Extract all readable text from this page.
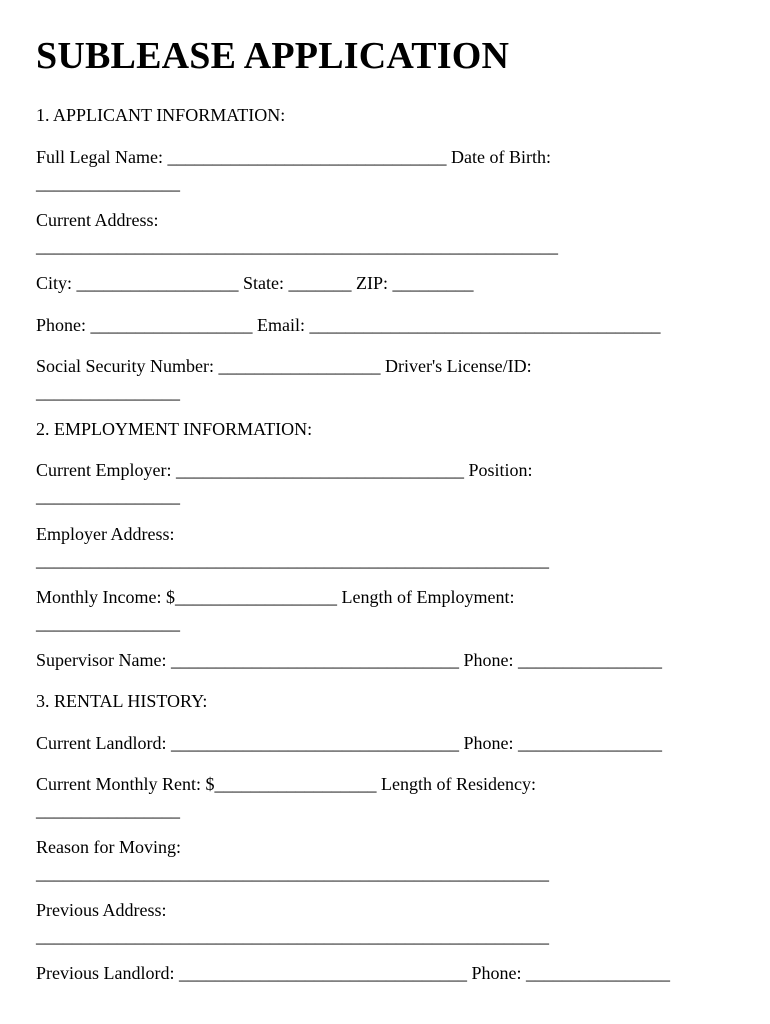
SUBLEASE APPLICATION
1. APPLICANT INFORMATION:
Full Legal Name: _______________________________ Date of Birth:
________________
Current Address:
__________________________________________________________
City: __________________ State: _______ ZIP: _________
Phone: __________________ Email: _______________________________________
Social Security Number: __________________ Driver's License/ID:
________________
2. EMPLOYMENT INFORMATION:
Current Employer: ________________________________ Position:
________________
Employer Address:
_________________________________________________________
Monthly Income: $__________________ Length of Employment:
________________
Supervisor Name: ________________________________ Phone: ________________
3. RENTAL HISTORY:
Current Landlord: ________________________________ Phone: ________________
Current Monthly Rent: $__________________ Length of Residency:
________________
Reason for Moving:
_________________________________________________________
Previous Address:
_________________________________________________________
Previous Landlord: ________________________________ Phone: ________________
